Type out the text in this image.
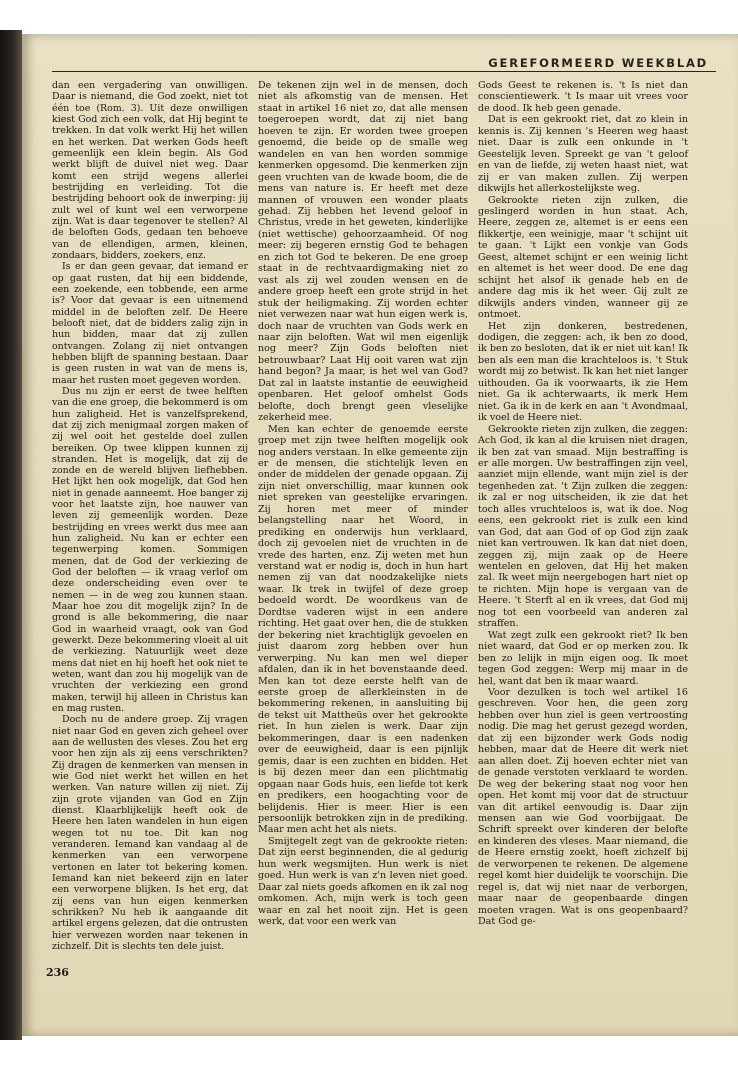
GEREFORMEERD WEEKBLAD

dan een vergadering van onwilligen. Daar is niemand, die God zoekt, niet tot één toe (Rom. 3). Uit deze onwilligen kiest God zich een volk, dat Hij begint te trekken. In dat volk werkt Hij het willen en het werken. Dat werken Gods heeft gemeenlijk een klein begin. Als God werkt blijft de duivel niet weg. Daar komt een strijd wegens allerlei bestrijding en verleiding. Tot die bestrijding behoort ook de inwerping: jij zult wel of kunt wel een verworpene zijn. Wat is daar tegenover te stellen? Al de beloften Gods, gedaan ten behoeve van de ellendigen, armen, kleinen, zondaars, bidders, zoekers, enz.

Is er dan geen gevaar, dat iemand er op gaat rusten, dat hij een biddende, een zoekende, een tobbende, een arme is? Voor dat gevaar is een uitnemend middel in de beloften zelf. De Heere belooft niet, dat de bidders zalig zijn in hun bidden, maar dat zij zullen ontvangen. Zolang zij niet ontvangen hebben blijft de spanning bestaan. Daar is geen rusten in wat van de mens is, maar het rusten moet gegeven worden.

Dus nu zijn er eerst de twee helften van die ene groep, die bekommerd is om hun zaligheid. Het is vanzelfsprekend, dat zij zich menigmaal zorgen maken of zij wel ooit het gestelde doel zullen bereiken. Op twee klippen kunnen zij stranden. Het is mogelijk, dat zij de zonde en de wereld blijven liefhebben. Het lijkt hen ook mogelijk, dat God hen niet in genade aanneemt. Hoe banger zij voor het laatste zijn, hoe nauwer van leven zij gemeenlijk worden. Deze bestrijding en vrees werkt dus mee aan hun zaligheid. Nu kan er echter een tegenwerping komen. Sommigen menen, dat de God der verkiezing de God der beloften — ik vraag verlof om deze onderscheiding even over te nemen — in de weg zou kunnen staan. Maar hoe zou dit mogelijk zijn? In de grond is alle bekommering, die naar God in waarheid vraagt, ook van God gewerkt. Deze bekommering vloeit al uit de verkiezing. Natuurlijk weet deze mens dat niet en hij hoeft het ook niet te weten, want dan zou hij mogelijk van de vruchten der verkiezing een grond maken, terwijl hij alleen in Christus kan en mag rusten.

Doch nu de andere groep. Zij vragen niet naar God en geven zich geheel over aan de wellusten des vleses. Zou het erg voor hen zijn als zij eens verschrikten? Zij dragen de kenmerken van mensen in wie God niet werkt het willen en het werken. Van nature willen zij niet. Zij zijn grote vijanden van God en Zijn dienst. Klaarblijkelijk heeft ook de Heere hen laten wandelen in hun eigen wegen tot nu toe. Dit kan nog veranderen. Iemand kan vandaag al de kenmerken van een verworpene vertonen en later tot bekering komen. Iemand kan niet bekeerd zijn en later een verworpene blijken. Is het erg, dat zij eens van hun eigen kenmerken schrikken? Nu heb ik aangaande dit artikel ergens gelezen, dat die ontrusten hier verwezen worden naar tekenen in zichzelf. Dit is slechts ten dele juist.

De tekenen zijn wel in de mensen, doch niet als afkomstig van de mensen. Het staat in artikel 16 niet zo, dat alle mensen toegeroepen wordt, dat zij niet bang hoeven te zijn. Er worden twee groepen genoemd, die beide op de smalle weg wandelen en van hen worden sommige kenmerken opgesomd. Die kenmerken zijn geen vruchten van de kwade boom, die de mens van nature is. Er heeft met deze mannen of vrouwen een wonder plaats gehad. Zij hebben het levend geloof in Christus, vrede in het geweten, kinderlijke (niet wettische) gehoorzaamheid. Of nog meer: zij begeren ernstig God te behagen en zich tot God te bekeren. De ene groep staat in de rechtvaardigmaking niet zo vast als zij wel zouden wensen en de andere groep heeft een grote strijd in het stuk der heiligmaking. Zij worden echter niet verwezen naar wat hun eigen werk is, doch naar de vruchten van Gods werk en naar zijn beloften. Wat wil men eigenlijk nog meer? Zijn Gods beloften niet betrouwbaar? Laat Hij ooit varen wat zijn hand begon? Ja maar, is het wel van God? Dat zal in laatste instantie de eeuwigheid openbaren. Het geloof omhelst Gods belofte, doch brengt geen vleselijke zekerheid mee.

Men kan echter de genoemde eerste groep met zijn twee helften mogelijk ook nog anders verstaan. In elke gemeente zijn er de mensen, die stichtelijk leven en onder de middelen der genade opgaan. Zij zijn niet onverschillig, maar kunnen ook niet spreken van geestelijke ervaringen. Zij horen met meer of minder belangstelling naar het Woord, in prediking en onderwijs hun verklaard, doch zij gevoelen niet de vruchten in de vrede des harten, enz. Zij weten met hun verstand wat er nodig is, doch in hun hart nemen zij van dat noodzakelijke niets waar. Ik trek in twijfel of deze groep bedoeld wordt. De woordkeus van de Dordtse vaderen wijst in een andere richting. Het gaat over hen, die de stukken der bekering niet krachtiglijk gevoelen en juist daarom zorg hebben over hun verwerping. Nu kan men wel dieper afdalen, dan ik in het bovenstaande deed. Men kan tot deze eerste helft van de eerste groep de allerkleinsten in de bekommering rekenen, in aansluiting bij de tekst uit Mattheüs over het gekrookte riet. In hun zielen is werk. Daar zijn bekommeringen, daar is een nadenken over de eeuwigheid, daar is een pijnlijk gemis, daar is een zuchten en bidden. Het is bij dezen meer dan een plichtmatig opgaan naar Gods huis, een liefde tot kerk en predikers, een hoogachting voor de belijdenis. Hier is meer. Hier is een persoonlijk betrokken zijn in de prediking. Maar men acht het als niets.

Smijtegelt zegt van de gekrookte rieten: Dat zijn eerst beginnenden, die al gedurig hun werk wegsmijten. Hun werk is niet goed. Hun werk is van z'n leven niet goed. Daar zal niets goeds afkomen en ik zal nog omkomen. Ach, mijn werk is toch geen waar en zal het nooit zijn. Het is geen werk, dat voor een werk van

Gods Geest te rekenen is. 't Is niet dan conscientiewerk. 't Is maar uit vrees voor de dood. Ik heb geen genade.

Dat is een gekrookt riet, dat zo klein in kennis is. Zij kennen 's Heeren weg haast niet. Daar is zulk een onkunde in 't Geestelijk leven. Spreekt ge van 't geloof en van de liefde, zij weten haast niet, wat zij er van maken zullen. Zij werpen dikwijls het allerkostelijkste weg.

Gekrookte rieten zijn zulken, die geslingerd worden in hun staat. Ach, Heere, zeggen ze, altemet is er eens een flikkertje, een weinigje, maar 't schijnt uit te gaan. 't Lijkt een vonkje van Gods Geest, altemet schijnt er een weinig licht en altemet is het weer dood. De ene dag schijnt het alsof ik genade heb en de andere dag mis ik het weer. Gij zult ze dikwijls anders vinden, wanneer gij ze ontmoet.

Het zijn donkeren, bestredenen, dodigen, die zeggen: ach, ik ben zo dood, ik ben zo besloten, dat ik er niet uit kan! Ik ben als een man die krachteloos is. 't Stuk wordt mij zo betwist. Ik kan het niet langer uithouden. Ga ik voorwaarts, ik zie Hem niet. Ga ik achterwaarts, ik merk Hem niet. Ga ik in de kerk en aan 't Avondmaal, ik voel de Heere niet.

Gekrookte rieten zijn zulken, die zeggen: Ach God, ik kan al die kruisen niet dragen, ik ben zat van smaad. Mijn bestraffing is er alle morgen. Uw bestraffingen zijn veel, aanziet mijn ellende, want mijn ziel is der tegenheden zat. 't Zijn zulken die zeggen: ik zal er nog uitscheiden, ik zie dat het toch alles vruchteloos is, wat ik doe. Nog eens, een gekrookt riet is zulk een kind van God, dat aan God of op God zijn zaak niet kan vertrouwen. Ik kan dat niet doen, zeggen zij, mijn zaak op de Heere wentelen en geloven, dat Hij het maken zal. Ik weet mijn neergebogen hart niet op te richten. Mijn hope is vergaan van de Heere. 't Sterft al en ik vrees, dat God mij nog tot een voorbeeld van anderen zal straffen.

Wat zegt zulk een gekrookt riet? Ik ben niet waard, dat God er op merken zou. Ik ben zo lelijk in mijn eigen oog. Ik moet tegen God zeggen: Werp mij maar in de hel, want dat ben ik maar waard.

Voor dezulken is toch wel artikel 16 geschreven. Voor hen, die geen zorg hebben over hun ziel is geen vertroosting nodig. Die mag het gerust gezegd worden, dat zij een bijzonder werk Gods nodig hebben, maar dat de Heere dit werk niet aan allen doet. Zij hoeven echter niet van de genade verstoten verklaard te worden. De weg der bekering staat nog voor hen open. Het komt mij voor dat de structuur van dit artikel eenvoudig is. Daar zijn mensen aan wie God voorbijgaat. De Schrift spreekt over kinderen der belofte en kinderen des vleses. Maar niemand, die de Heere ernstig zoekt, hoeft zichzelf bij de verworpenen te rekenen. De algemene regel komt hier duidelijk te voorschijn. Die regel is, dat wij niet naar de verborgen, maar naar de geopenbaarde dingen moeten vragen. Wat is ons geopenbaard? Dat God ge-

236
